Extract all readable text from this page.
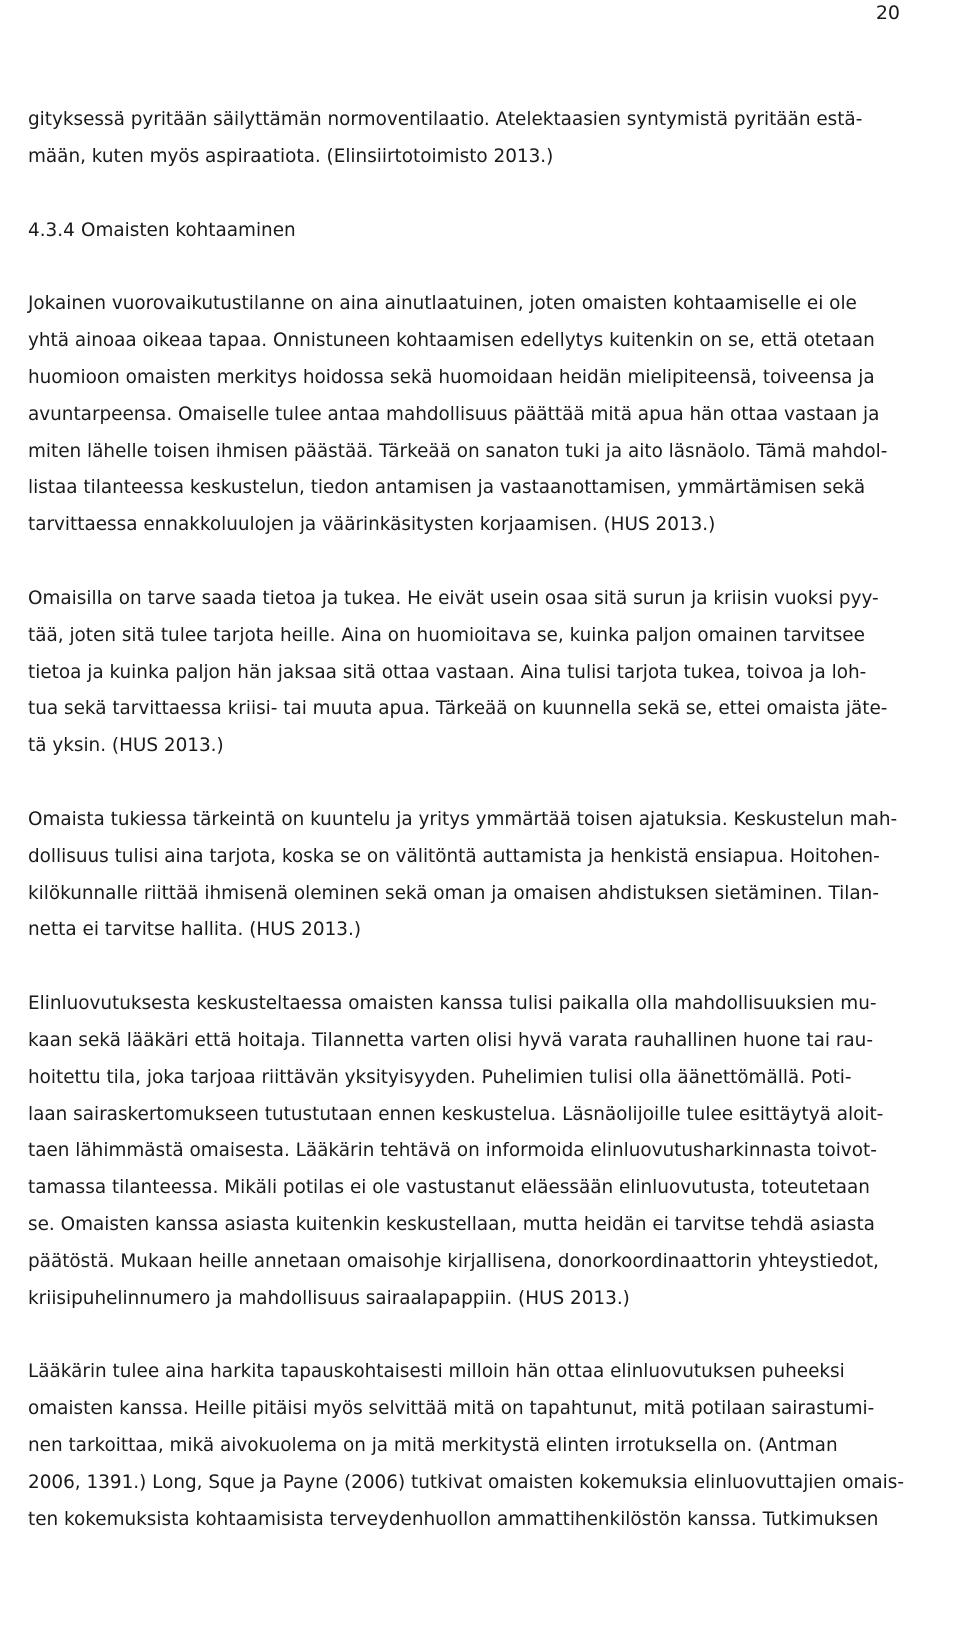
20

gityksessä pyritään säilyttämän normoventilaatio. Atelektaasien syntymistä pyritään estä-
mään, kuten myös aspiraatiota. (Elinsiirtotoimisto 2013.)

4.3.4 Omaisten kohtaaminen

Jokainen vuorovaikutustilanne on aina ainutlaatuinen, joten omaisten kohtaamiselle ei ole
yhtä ainoaa oikeaa tapaa. Onnistuneen kohtaamisen edellytys kuitenkin on se, että otetaan
huomioon omaisten merkitys hoidossa sekä huomoidaan heidän mielipiteensä, toiveensa ja
avuntarpeensa. Omaiselle tulee antaa mahdollisuus päättää mitä apua hän ottaa vastaan ja
miten lähelle toisen ihmisen päästää. Tärkeää on sanaton tuki ja aito läsnäolo. Tämä mahdol-
listaa tilanteessa keskustelun, tiedon antamisen ja vastaanottamisen, ymmärtämisen sekä
tarvittaessa ennakkoluulojen ja väärinkäsitysten korjaamisen. (HUS 2013.)

Omaisilla on tarve saada tietoa ja tukea. He eivät usein osaa sitä surun ja kriisin vuoksi pyy-
tää, joten sitä tulee tarjota heille. Aina on huomioitava se, kuinka paljon omainen tarvitsee
tietoa ja kuinka paljon hän jaksaa sitä ottaa vastaan. Aina tulisi tarjota tukea, toivoa ja loh-
tua sekä tarvittaessa kriisi- tai muuta apua. Tärkeää on kuunnella sekä se, ettei omaista jäte-
tä yksin. (HUS 2013.)

Omaista tukiessa tärkeintä on kuuntelu ja yritys ymmärtää toisen ajatuksia. Keskustelun mah-
dollisuus tulisi aina tarjota, koska se on välitöntä auttamista ja henkistä ensiapua. Hoitohen-
kilökunnalle riittää ihmisenä oleminen sekä oman ja omaisen ahdistuksen sietäminen. Tilan-
netta ei tarvitse hallita. (HUS 2013.)

Elinluovutuksesta keskusteltaessa omaisten kanssa tulisi paikalla olla mahdollisuuksien mu-
kaan sekä lääkäri että hoitaja. Tilannetta varten olisi hyvä varata rauhallinen huone tai rau-
hoitettu tila, joka tarjoaa riittävän yksityisyyden. Puhelimien tulisi olla äänettömällä. Poti-
laan sairaskertomukseen tutustutaan ennen keskustelua. Läsnäolijoille tulee esittäytyä aloit-
taen lähimmästä omaisesta. Lääkärin tehtävä on informoida elinluovutusharkinnasta toivot-
tamassa tilanteessa. Mikäli potilas ei ole vastustanut eläessään elinluovutusta, toteutetaan
se. Omaisten kanssa asiasta kuitenkin keskustellaan, mutta heidän ei tarvitse tehdä asiasta
päätöstä. Mukaan heille annetaan omaisohje kirjallisena, donorkoordinaattorin yhteystiedot,
kriisipuhelinnumero ja mahdollisuus sairaalapappiin. (HUS 2013.)

Lääkärin tulee aina harkita tapauskohtaisesti milloin hän ottaa elinluovutuksen puheeksi
omaisten kanssa. Heille pitäisi myös selvittää mitä on tapahtunut, mitä potilaan sairastumi-
nen tarkoittaa, mikä aivokuolema on ja mitä merkitystä elinten irrotuksella on. (Antman
2006, 1391.) Long, Sque ja Payne (2006) tutkivat omaisten kokemuksia elinluovuttajien omais-
ten kokemuksista kohtaamisista terveydenhuollon ammattihenkilöstön kanssa. Tutkimuksen
